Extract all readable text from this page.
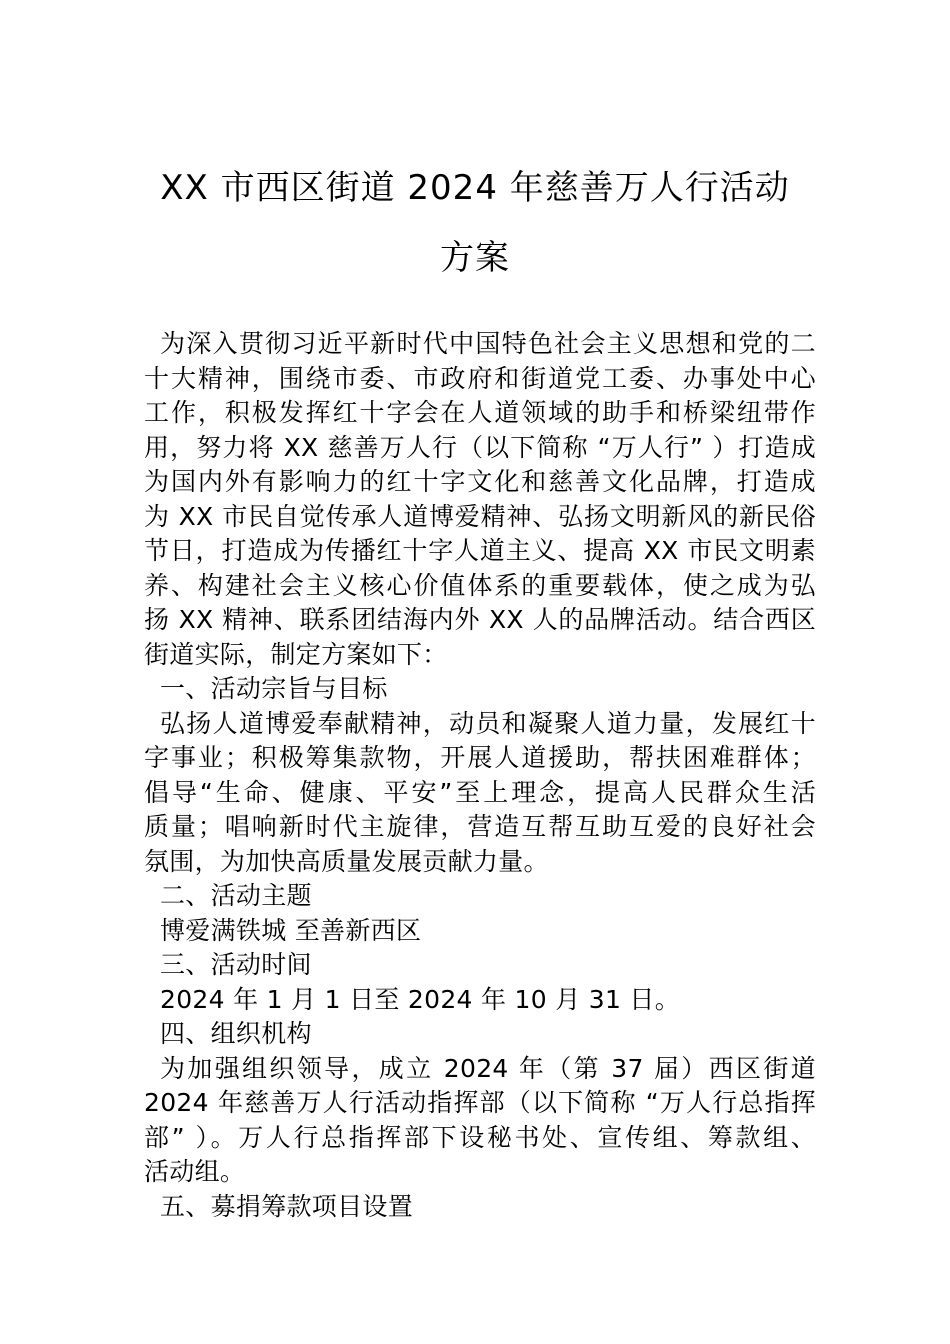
XX 市西区街道 2024 年慈善万人行活动
方案
为深入贯彻习近平新时代中国特色社会主义思想和党的二
十大精神，围绕市委、市政府和街道党工委、办事处中心
工作，积极发挥红十字会在人道领域的助手和桥梁纽带作
用，努力将 XX 慈善万人行（以下简称 “万人行” ）打造成
为国内外有影响力的红十字文化和慈善文化品牌，打造成
为 XX 市民自觉传承人道博爱精神、弘扬文明新风的新民俗
节日，打造成为传播红十字人道主义、提高 XX 市民文明素
养、构建社会主义核心价值体系的重要载体，使之成为弘
扬 XX 精神、联系团结海内外 XX 人的品牌活动。结合西区
街道实际，制定方案如下：
一、活动宗旨与目标
弘扬人道博爱奉献精神，动员和凝聚人道力量，发展红十
字事业；积极筹集款物，开展人道援助，帮扶困难群体；
倡导“生命、健康、平安”至上理念，提高人民群众生活
质量；唱响新时代主旋律，营造互帮互助互爱的良好社会
氛围，为加快高质量发展贡献力量。
二、活动主题
博爱满铁城 至善新西区
三、活动时间
2024 年 1 月 1 日至 2024 年 10 月 31 日。
四、组织机构
为加强组织领导，成立 2024 年（第 37 届）西区街道
2024 年慈善万人行活动指挥部（以下简称 “万人行总指挥
部” ）。万人行总指挥部下设秘书处、宣传组、筹款组、
活动组。
五、募捐筹款项目设置
